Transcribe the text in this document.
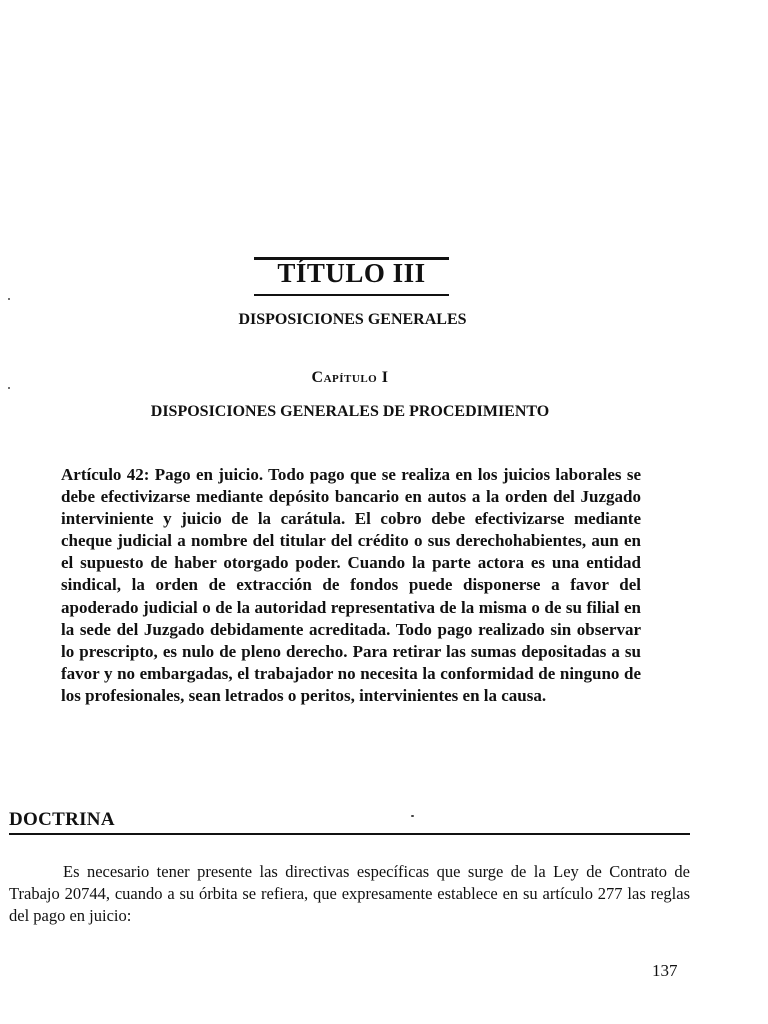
TÍTULO III
DISPOSICIONES GENERALES
Capítulo I
DISPOSICIONES GENERALES DE PROCEDIMIENTO

Artículo 42: Pago en juicio. Todo pago que se realiza en los juicios laborales se debe efectivizarse mediante depósito bancario en autos a la orden del Juzgado interviniente y juicio de la carátula. El cobro debe efectivizarse mediante cheque judicial a nombre del titular del crédito o sus derechohabientes, aun en el supuesto de haber otorgado poder. Cuando la parte actora es una entidad sindical, la orden de extracción de fondos puede disponerse a favor del apoderado judicial o de la autoridad representativa de la misma o de su filial en la sede del Juzgado debidamente acreditada. Todo pago realizado sin observar lo prescripto, es nulo de pleno derecho. Para retirar las sumas depositadas a su favor y no embargadas, el trabajador no necesita la conformidad de ninguno de los profesionales, sean letrados o peritos, intervinientes en la causa.

DOCTRINA

Es necesario tener presente las directivas específicas que surge de la Ley de Contrato de Trabajo 20744, cuando a su órbita se refiera, que expresamente establece en su artículo 277 las reglas del pago en juicio:

137
